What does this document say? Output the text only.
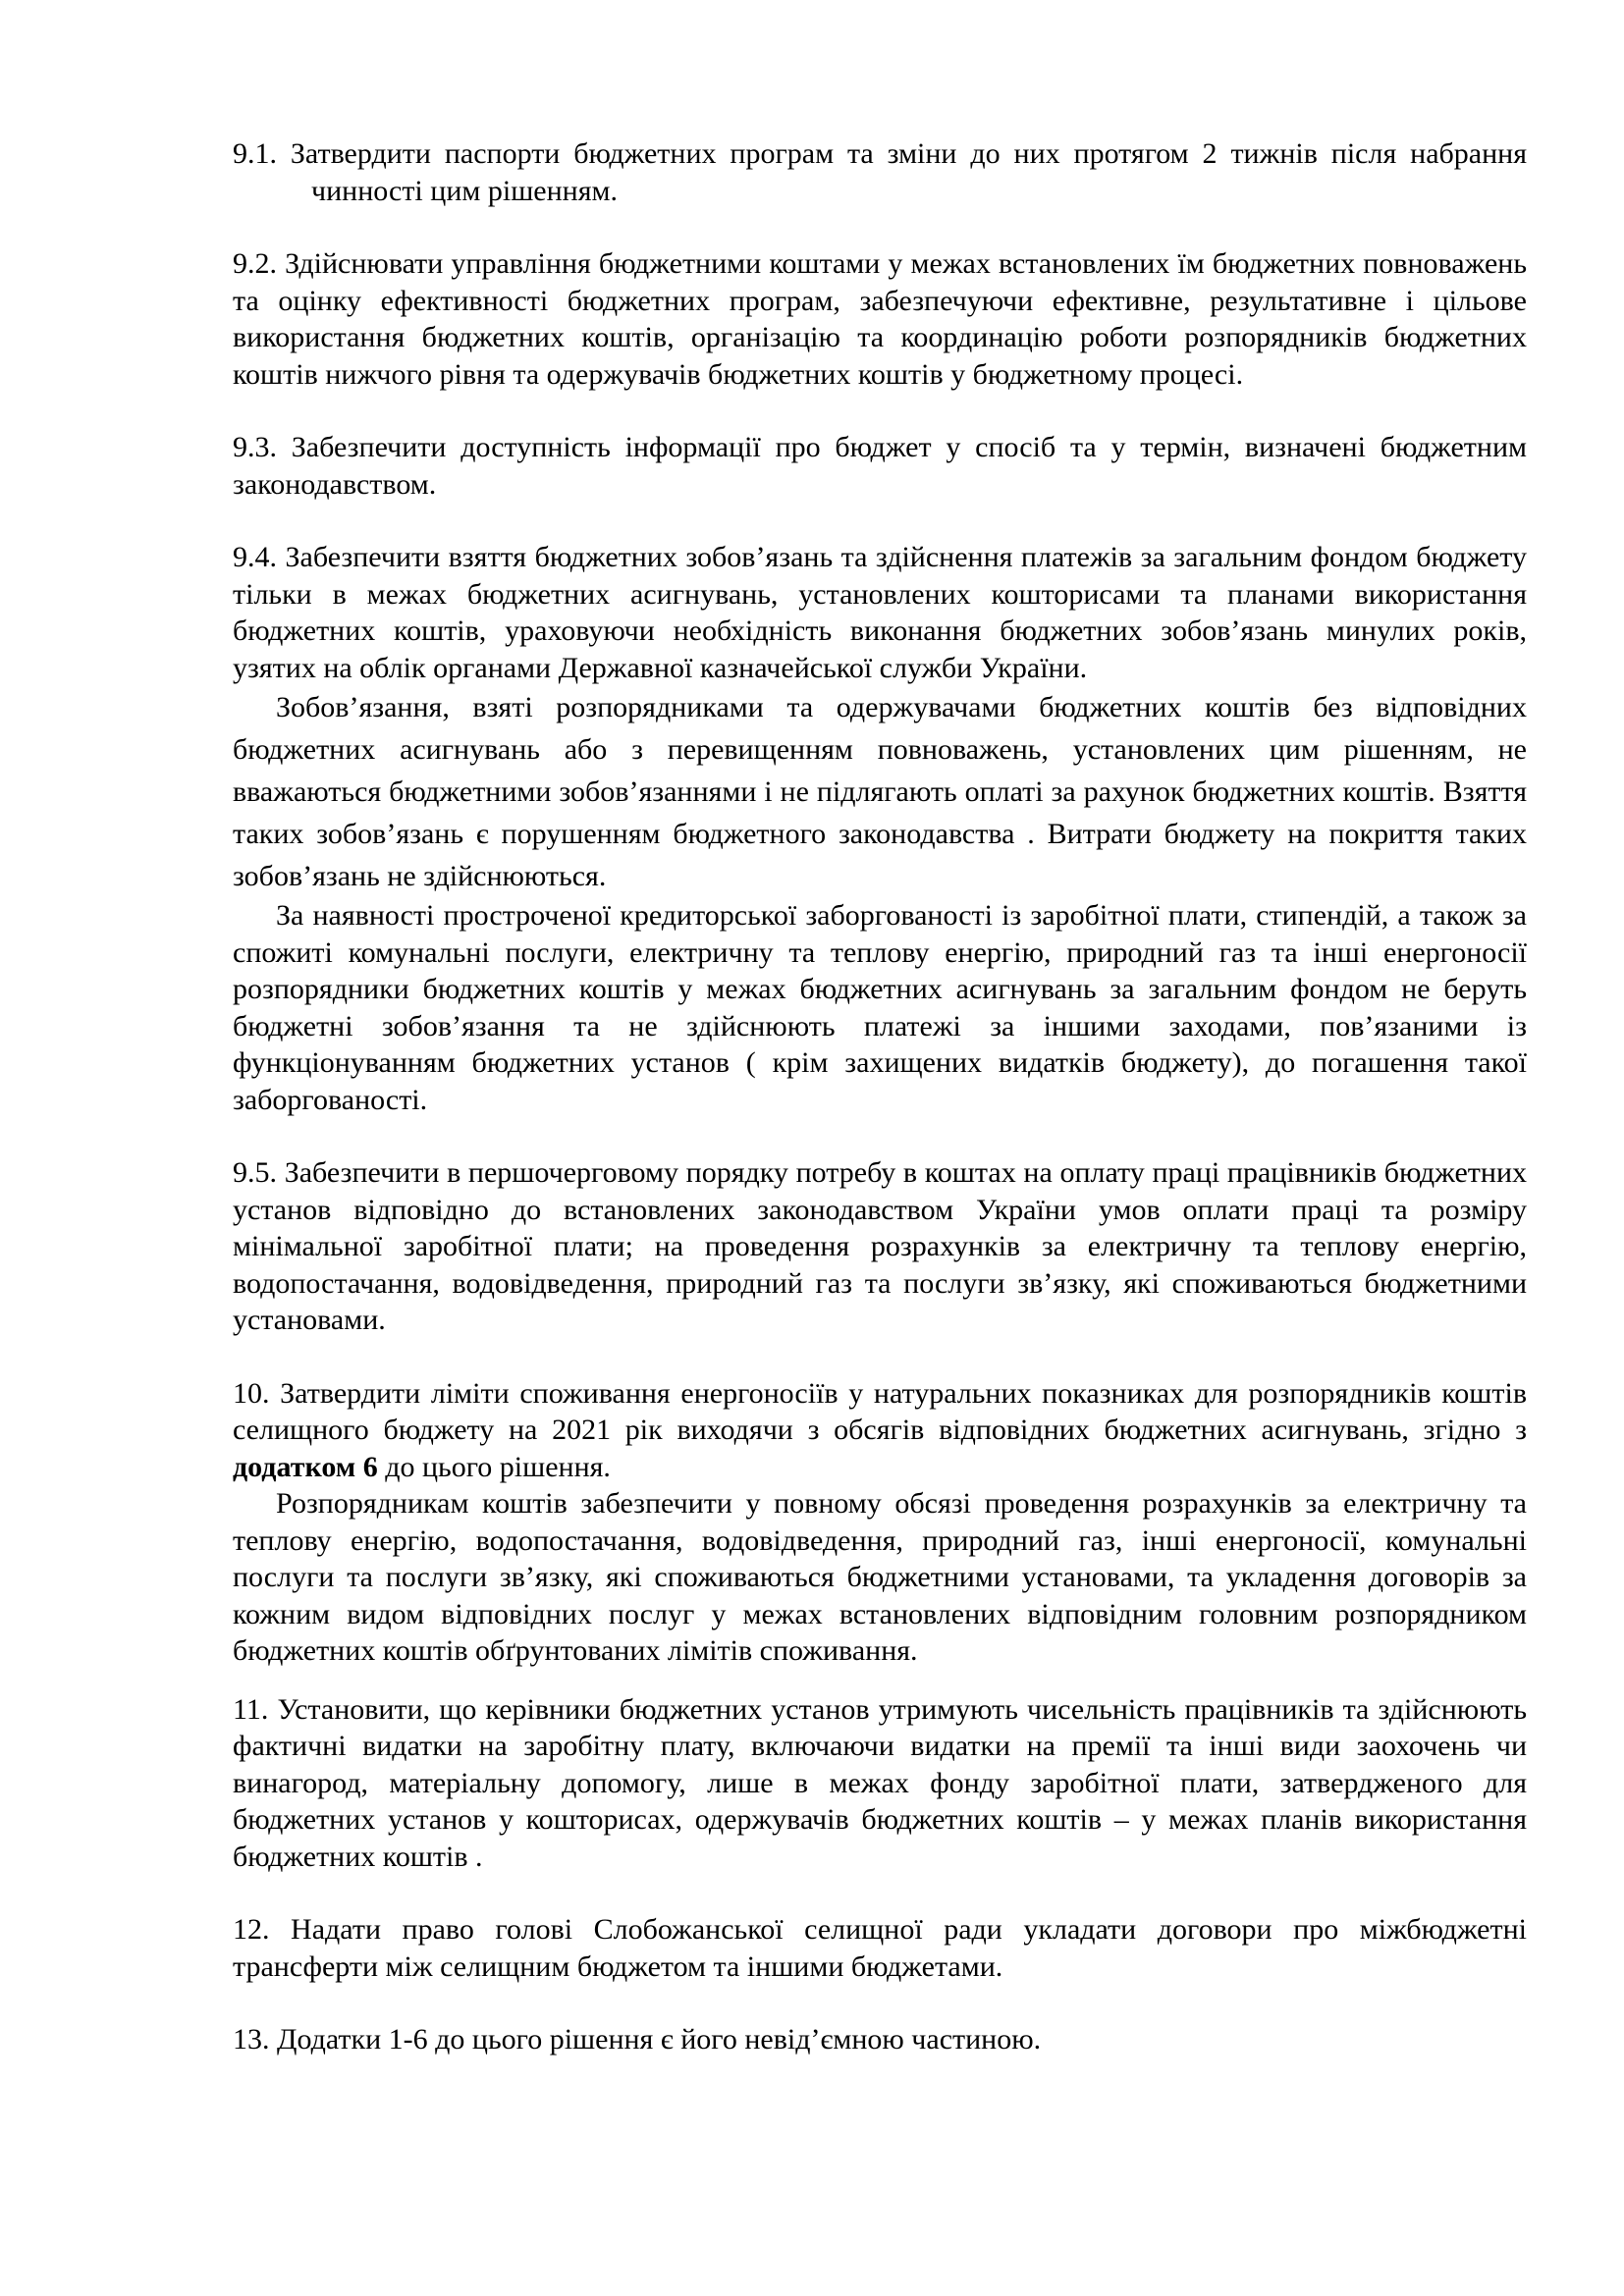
9.1. Затвердити паспорти бюджетних програм та зміни до них протягом 2 тижнів після набрання чинності цим рішенням.

9.2. Здійснювати управління бюджетними коштами у межах встановлених їм бюджетних повноважень та оцінку ефективності бюджетних програм, забезпечуючи ефективне, результативне і цільове використання бюджетних коштів, організацію та координацію роботи розпорядників бюджетних коштів нижчого рівня та одержувачів бюджетних коштів у бюджетному процесі.

9.3. Забезпечити доступність інформації про бюджет у спосіб та у термін, визначені бюджетним законодавством.

9.4. Забезпечити взяття бюджетних зобов’язань та здійснення платежів за загальним фондом бюджету тільки в межах бюджетних асигнувань, установлених кошторисами та планами використання бюджетних коштів, ураховуючи необхідність виконання бюджетних зобов’язань минулих років, узятих на облік органами Державної казначейської служби України.

Зобов’язання, взяті розпорядниками та одержувачами бюджетних коштів без відповідних бюджетних асигнувань або з перевищенням повноважень, установлених цим рішенням, не вважаються бюджетними зобов’язаннями і не підлягають оплаті за рахунок бюджетних коштів. Взяття таких зобов’язань є порушенням бюджетного законодавства . Витрати бюджету на покриття таких зобов’язань не здійснюються.

За наявності простроченої кредиторської заборгованості із заробітної плати, стипендій, а також за спожиті комунальні послуги, електричну та теплову енергію, природний газ та інші енергоносії розпорядники бюджетних коштів у межах бюджетних асигнувань за загальним фондом не беруть бюджетні зобов’язання та не здійснюють платежі за іншими заходами, пов’язаними із функціонуванням бюджетних установ ( крім захищених видатків бюджету), до погашення такої заборгованості.

9.5. Забезпечити в першочерговому порядку потребу в коштах на оплату праці працівників бюджетних установ відповідно до встановлених законодавством України умов оплати праці та розміру мінімальної заробітної плати; на проведення розрахунків за електричну та теплову енергію, водопостачання, водовідведення, природний газ та послуги зв’язку, які споживаються бюджетними установами.

10. Затвердити ліміти споживання енергоносіїв у натуральних показниках для розпорядників коштів селищного бюджету на 2021 рік виходячи з обсягів відповідних бюджетних асигнувань, згідно з додатком 6 до цього рішення.

Розпорядникам коштів забезпечити у повному обсязі проведення розрахунків за електричну та теплову енергію, водопостачання, водовідведення, природний газ, інші енергоносії, комунальні послуги та послуги зв’язку, які споживаються бюджетними установами, та укладення договорів за кожним видом відповідних послуг у межах встановлених відповідним головним розпорядником бюджетних коштів обґрунтованих лімітів споживання.

11. Установити, що керівники бюджетних установ утримують чисельність працівників та здійснюють фактичні видатки на заробітну плату, включаючи видатки на премії та інші види заохочень чи винагород, матеріальну допомогу, лише в межах фонду заробітної плати, затвердженого для бюджетних установ у кошторисах, одержувачів бюджетних коштів – у межах планів використання бюджетних коштів .

12. Надати право голові Слобожанської селищної ради укладати договори про міжбюджетні трансферти між селищним бюджетом та іншими бюджетами.

13. Додатки 1-6 до цього рішення є його невід’ємною частиною.
